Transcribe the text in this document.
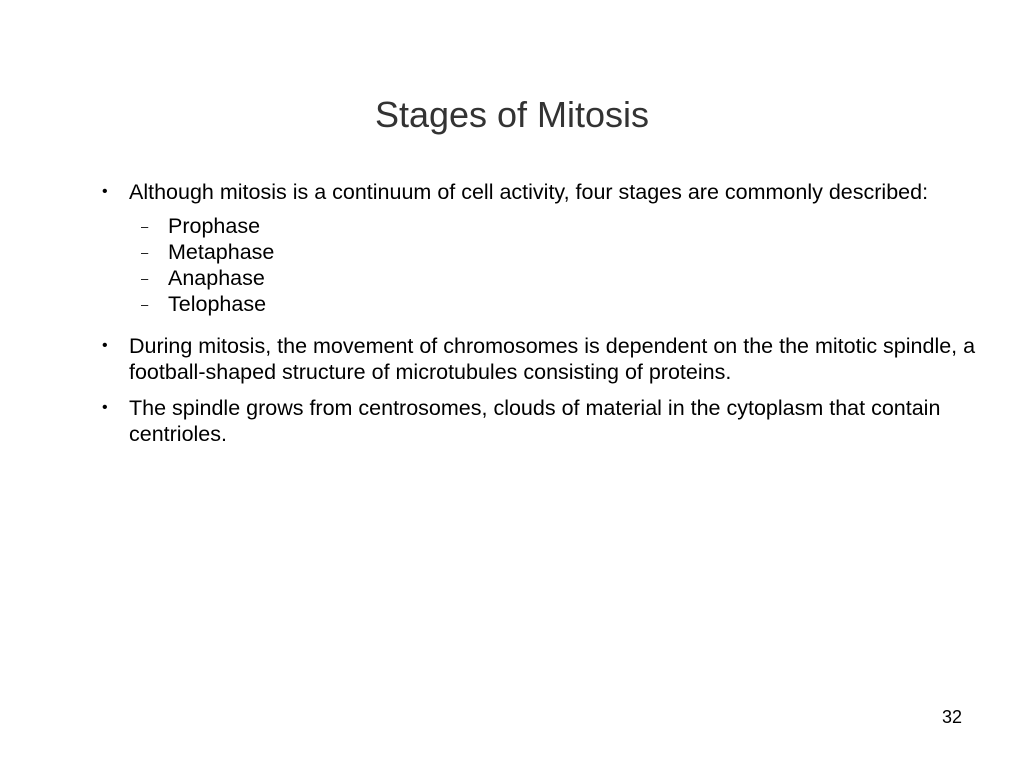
Stages of Mitosis
• Although mitosis is a continuum of cell activity, four stages are commonly described:
– Prophase
– Metaphase
– Anaphase
– Telophase
• During mitosis, the movement of chromosomes is dependent on the the mitotic spindle, a football-shaped structure of microtubules consisting of proteins.
• The spindle grows from centrosomes, clouds of material in the cytoplasm that contain centrioles.
32
